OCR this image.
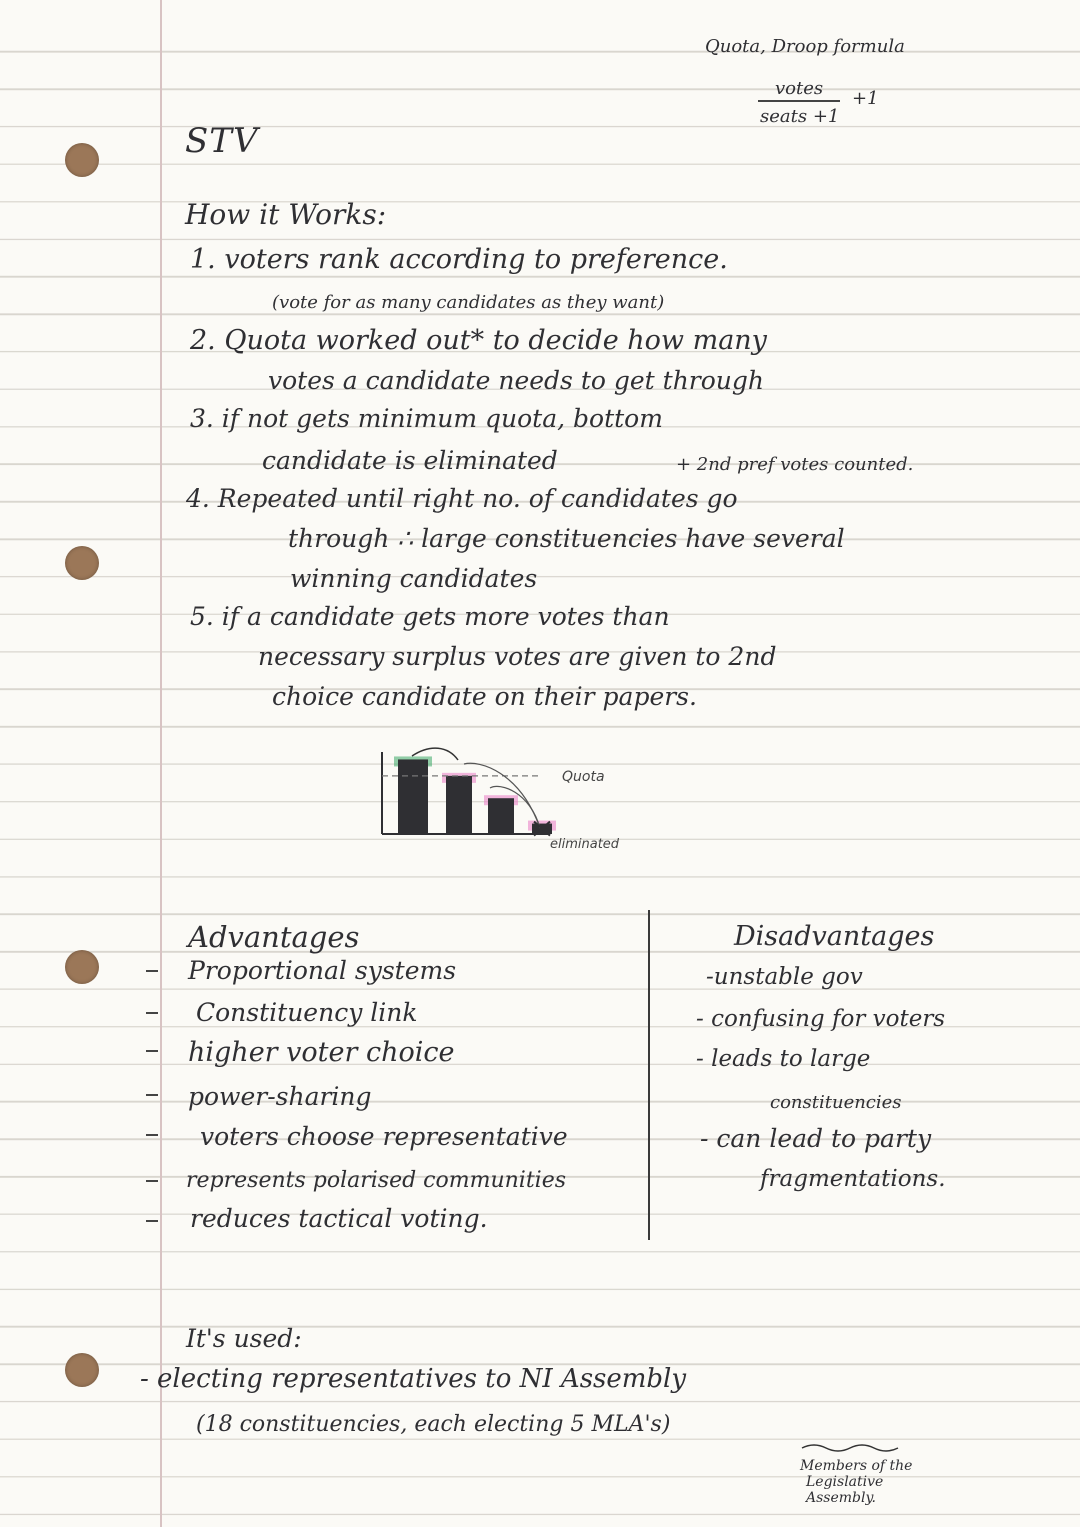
Quota, Droop formula
votes
seats +1
+1
STV
How it Works:
1. voters rank according to preference.
(vote for as many candidates as they want)
2. Quota worked out* to decide how many
votes a candidate needs to get through
3. if not gets minimum quota, bottom
candidate is eliminated	+ 2nd pref votes counted.
4. Repeated until right no. of candidates go
through ∴ large constituencies have several
winning candidates
5. if a candidate gets more votes than
necessary surplus votes are given to 2nd
choice candidate on their papers.
Quota
eliminated
Advantages
Proportional systems
Constituency link
higher voter choice
power-sharing
voters choose representative
represents polarised communities
reduces tactical voting.
Disadvantages
-unstable gov
- confusing for voters
- leads to large
constituencies
- can lead to party
fragmentations.
It's used:
- electing representatives to NI Assembly
(18 constituencies, each electing 5 MLA's)
Members of the
Legislative
Assembly.
